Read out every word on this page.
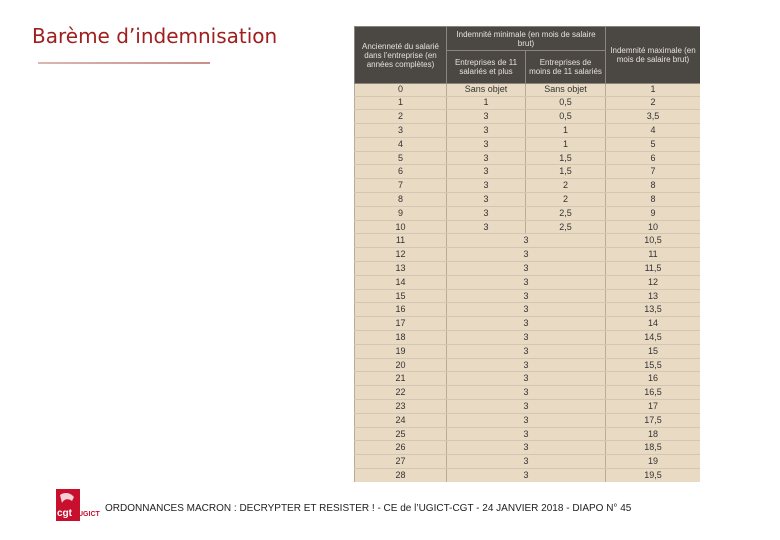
Barème d’indemnisation	Ancienneté du salarié dans l’entreprise (en années complètes)	Indemnité minimale (en mois de salaire brut)		Indemnité maximale (en mois de salaire brut)
	Entreprises de 11 salariés et plus	Entreprises de moins de 11 salariés	
0	Sans objet	Sans objet	1
1	1	0,5	2
2	3	0,5	3,5
3	3	1	4
4	3	1	5
5	3	1,5	6
6	3	1,5	7
7	3	2	8
8	3	2	8
9	3	2,5	9
10	3	2,5	10
11	3		10,5
12	3		11
13	3		11,5
14	3		12
15	3		13
16	3		13,5
17	3		14
18	3		14,5
19	3		15
20	3		15,5
21	3		16
22	3		16,5
23	3		17
24	3		17,5
25	3		18
26	3		18,5
27	3		19
28	3		19,5

cgt UGICT
ORDONNANCES MACRON : DECRYPTER ET RESISTER ! - CE de l’UGICT-CGT - 24 JANVIER 2018 - DIAPO N° 45
